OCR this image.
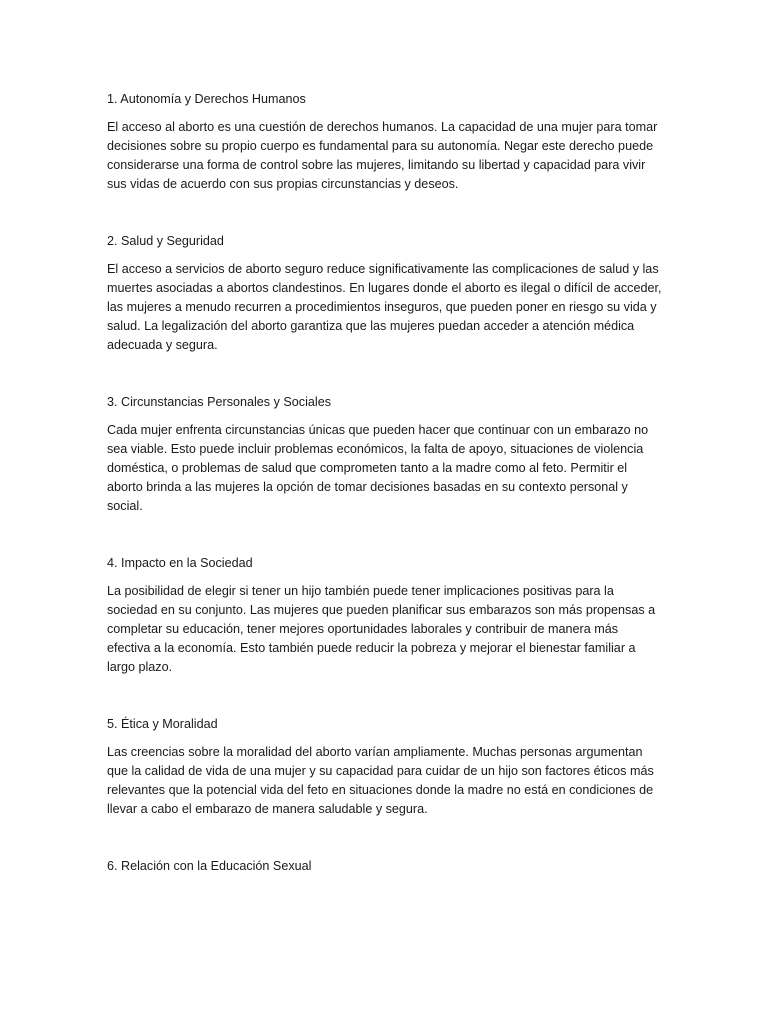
1. Autonomía y Derechos Humanos

El acceso al aborto es una cuestión de derechos humanos. La capacidad de una mujer para tomar
decisiones sobre su propio cuerpo es fundamental para su autonomía. Negar este derecho puede
considerarse una forma de control sobre las mujeres, limitando su libertad y capacidad para vivir
sus vidas de acuerdo con sus propias circunstancias y deseos.

2. Salud y Seguridad

El acceso a servicios de aborto seguro reduce significativamente las complicaciones de salud y las
muertes asociadas a abortos clandestinos. En lugares donde el aborto es ilegal o difícil de acceder,
las mujeres a menudo recurren a procedimientos inseguros, que pueden poner en riesgo su vida y
salud. La legalización del aborto garantiza que las mujeres puedan acceder a atención médica
adecuada y segura.

3. Circunstancias Personales y Sociales

Cada mujer enfrenta circunstancias únicas que pueden hacer que continuar con un embarazo no
sea viable. Esto puede incluir problemas económicos, la falta de apoyo, situaciones de violencia
doméstica, o problemas de salud que comprometen tanto a la madre como al feto. Permitir el
aborto brinda a las mujeres la opción de tomar decisiones basadas en su contexto personal y
social.

4. Impacto en la Sociedad

La posibilidad de elegir si tener un hijo también puede tener implicaciones positivas para la
sociedad en su conjunto. Las mujeres que pueden planificar sus embarazos son más propensas a
completar su educación, tener mejores oportunidades laborales y contribuir de manera más
efectiva a la economía. Esto también puede reducir la pobreza y mejorar el bienestar familiar a
largo plazo.

5. Ética y Moralidad

Las creencias sobre la moralidad del aborto varían ampliamente. Muchas personas argumentan
que la calidad de vida de una mujer y su capacidad para cuidar de un hijo son factores éticos más
relevantes que la potencial vida del feto en situaciones donde la madre no está en condiciones de
llevar a cabo el embarazo de manera saludable y segura.

6. Relación con la Educación Sexual
